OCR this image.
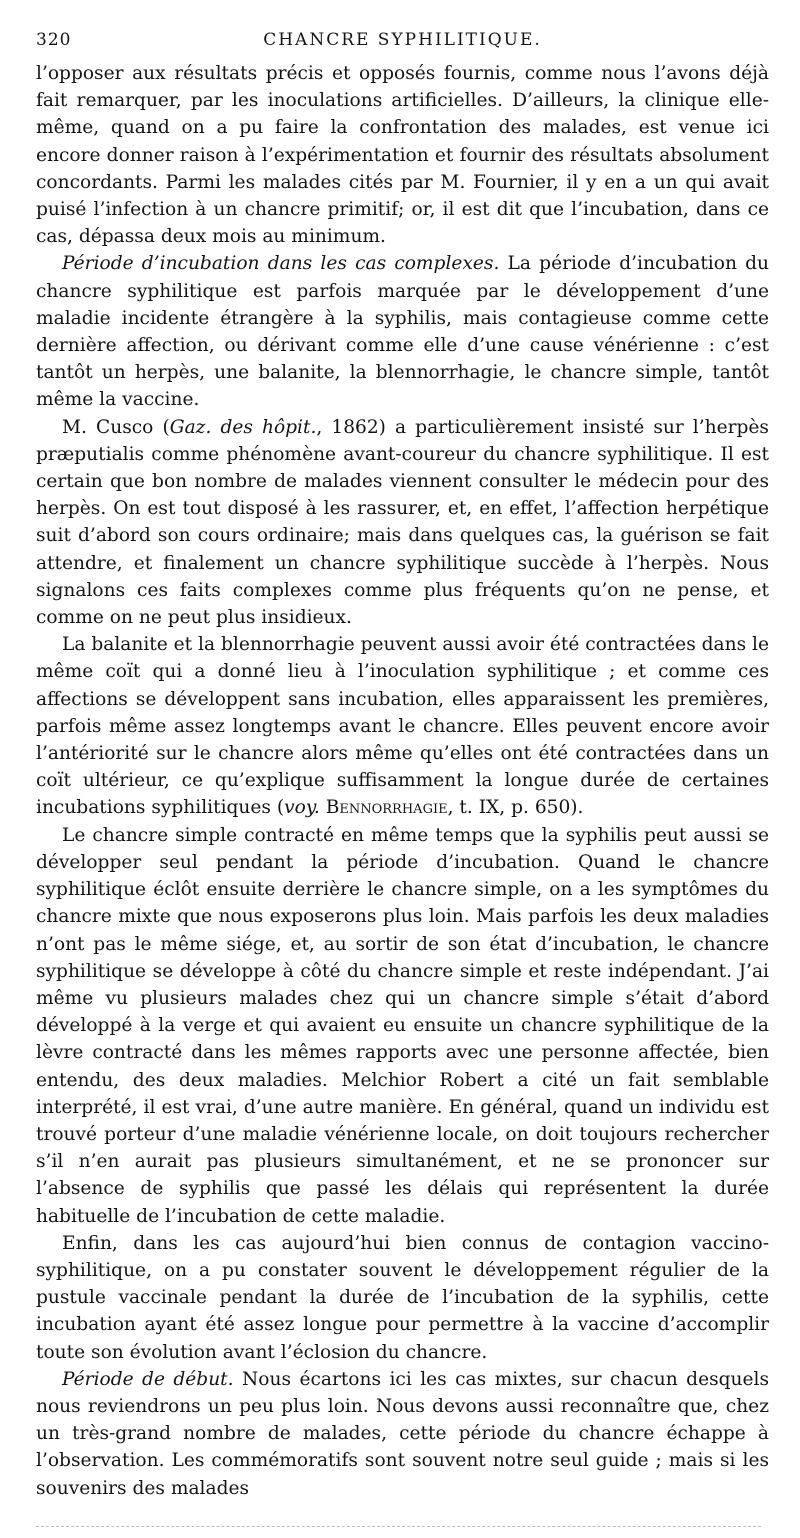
320	CHANCRE SYPHILITIQUE.

l’opposer aux résultats précis et opposés fournis, comme nous l’avons déjà fait remarquer, par les inoculations artificielles. D’ailleurs, la clinique elle-même, quand on a pu faire la confrontation des malades, est venue ici encore donner raison à l’expérimentation et fournir des résultats absolument concordants. Parmi les malades cités par M. Fournier, il y en a un qui avait puisé l’infection à un chancre primitif; or, il est dit que l’incubation, dans ce cas, dépassa deux mois au minimum.

Période d’incubation dans les cas complexes. La période d’incubation du chancre syphilitique est parfois marquée par le développement d’une maladie incidente étrangère à la syphilis, mais contagieuse comme cette dernière affection, ou dérivant comme elle d’une cause vénérienne : c’est tantôt un herpès, une balanite, la blennorrhagie, le chancre simple, tantôt même la vaccine.

M. Cusco (Gaz. des hôpit., 1862) a particulièrement insisté sur l’herpès præputialis comme phénomène avant-coureur du chancre syphilitique. Il est certain que bon nombre de malades viennent consulter le médecin pour des herpès. On est tout disposé à les rassurer, et, en effet, l’affection herpétique suit d’abord son cours ordinaire; mais dans quelques cas, la guérison se fait attendre, et finalement un chancre syphilitique succède à l’herpès. Nous signalons ces faits complexes comme plus fréquents qu’on ne pense, et comme on ne peut plus insidieux.

La balanite et la blennorrhagie peuvent aussi avoir été contractées dans le même coït qui a donné lieu à l’inoculation syphilitique ; et comme ces affections se développent sans incubation, elles apparaissent les premières, parfois même assez longtemps avant le chancre. Elles peuvent encore avoir l’antériorité sur le chancre alors même qu’elles ont été contractées dans un coït ultérieur, ce qu’explique suffisamment la longue durée de certaines incubations syphilitiques (voy. Bennorrhagie, t. IX, p. 650).

Le chancre simple contracté en même temps que la syphilis peut aussi se développer seul pendant la période d’incubation. Quand le chancre syphilitique éclôt ensuite derrière le chancre simple, on a les symptômes du chancre mixte que nous exposerons plus loin. Mais parfois les deux maladies n’ont pas le même siége, et, au sortir de son état d’incubation, le chancre syphilitique se développe à côté du chancre simple et reste indépendant. J’ai même vu plusieurs malades chez qui un chancre simple s’était d’abord développé à la verge et qui avaient eu ensuite un chancre syphilitique de la lèvre contracté dans les mêmes rapports avec une personne affectée, bien entendu, des deux maladies. Melchior Robert a cité un fait semblable interprété, il est vrai, d’une autre manière. En général, quand un individu est trouvé porteur d’une maladie vénérienne locale, on doit toujours rechercher s’il n’en aurait pas plusieurs simultanément, et ne se prononcer sur l’absence de syphilis que passé les délais qui représentent la durée habituelle de l’incubation de cette maladie.

Enfin, dans les cas aujourd’hui bien connus de contagion vaccino-syphilitique, on a pu constater souvent le développement régulier de la pustule vaccinale pendant la durée de l’incubation de la syphilis, cette incubation ayant été assez longue pour permettre à la vaccine d’accomplir toute son évolution avant l’éclosion du chancre.

Période de début. Nous écartons ici les cas mixtes, sur chacun desquels nous reviendrons un peu plus loin. Nous devons aussi reconnaître que, chez un très-grand nombre de malades, cette période du chancre échappe à l’observation. Les commémoratifs sont souvent notre seul guide ; mais si les souvenirs des malades
